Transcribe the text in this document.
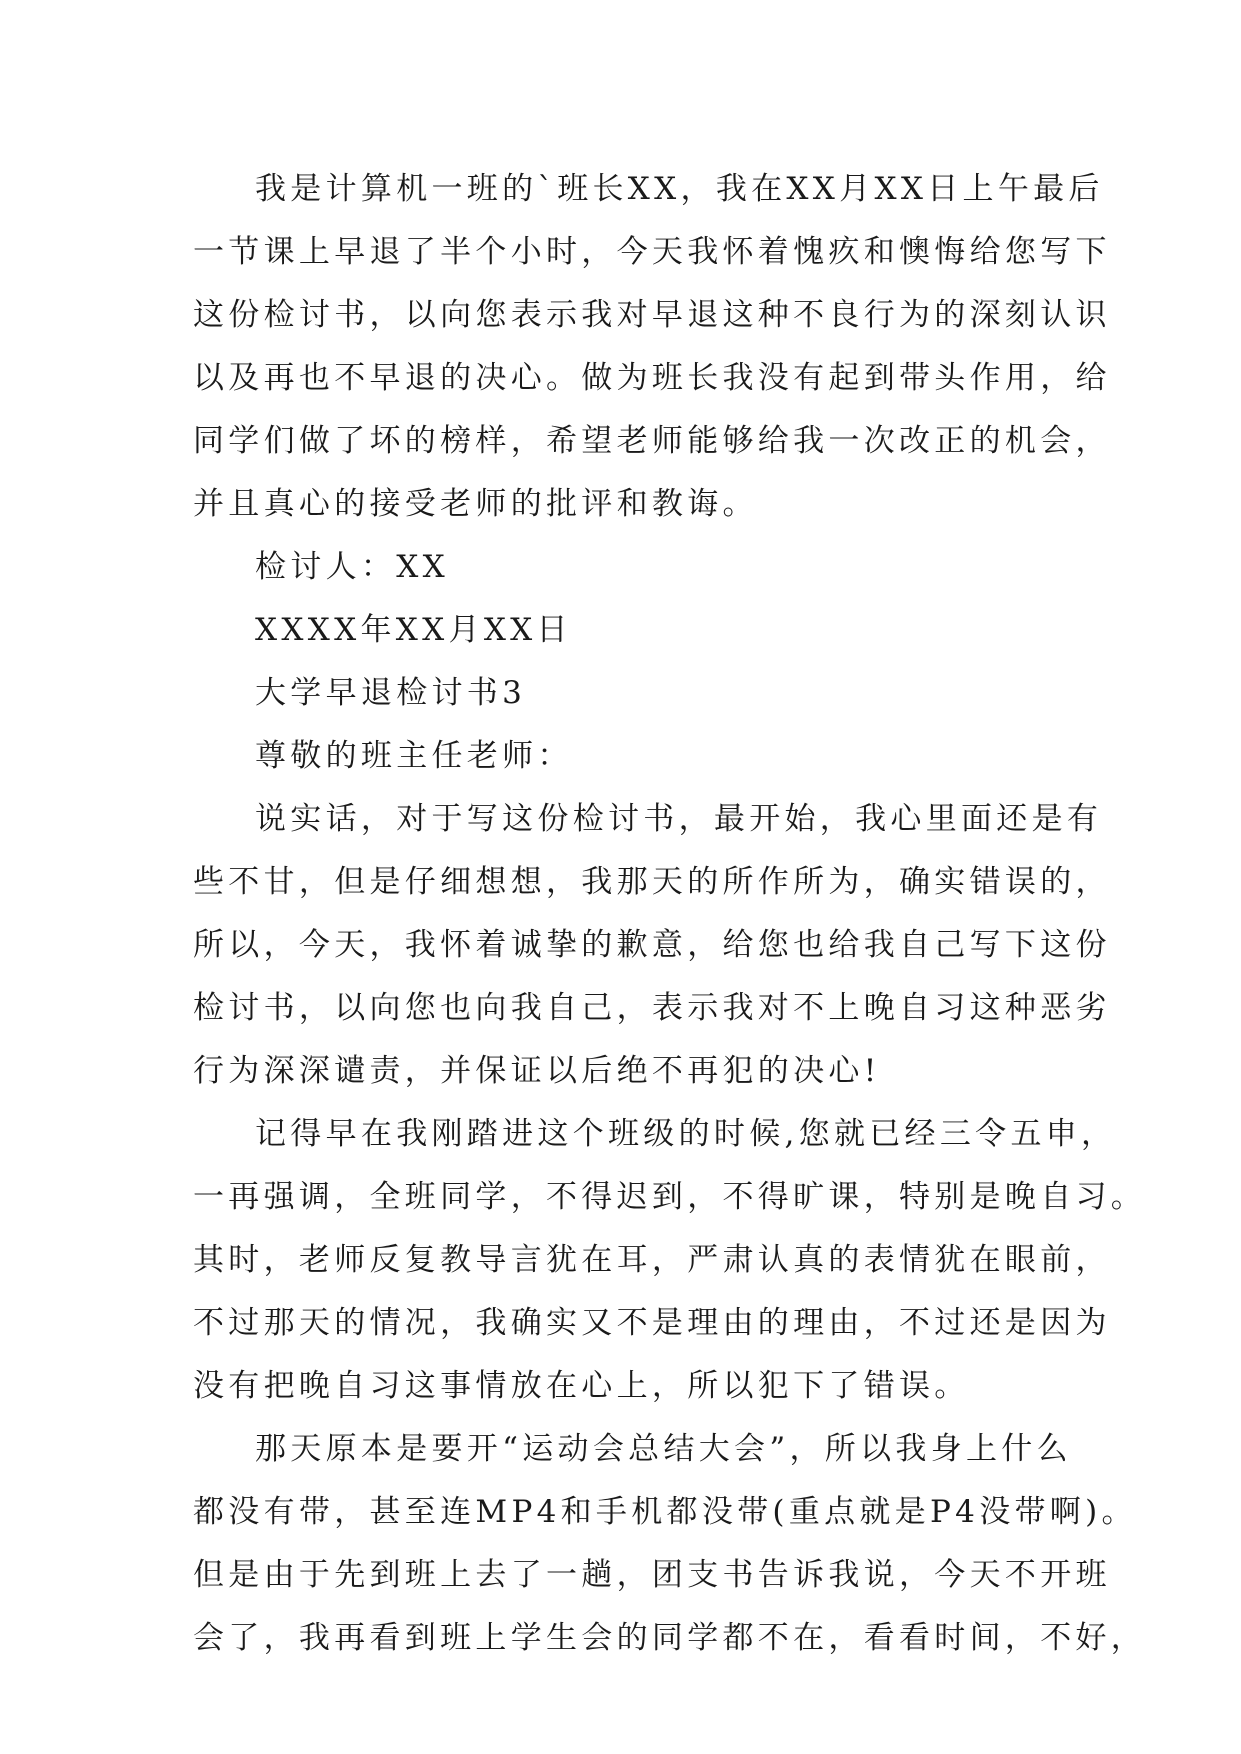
我是计算机一班的`班长XX，我在XX月XX日上午最后
一节课上早退了半个小时，今天我怀着愧疚和懊悔给您写下
这份检讨书，以向您表示我对早退这种不良行为的深刻认识
以及再也不早退的决心。做为班长我没有起到带头作用，给
同学们做了坏的榜样，希望老师能够给我一次改正的机会，
并且真心的接受老师的批评和教诲。
检讨人：XX
XXXX年XX月XX日
大学早退检讨书3
尊敬的班主任老师：
说实话，对于写这份检讨书，最开始，我心里面还是有
些不甘，但是仔细想想，我那天的所作所为，确实错误的，
所以，今天，我怀着诚挚的歉意，给您也给我自己写下这份
检讨书，以向您也向我自己，表示我对不上晚自习这种恶劣
行为深深谴责，并保证以后绝不再犯的决心!
记得早在我刚踏进这个班级的时候,您就已经三令五申，
一再强调，全班同学，不得迟到，不得旷课，特别是晚自习。
其时，老师反复教导言犹在耳，严肃认真的表情犹在眼前，
不过那天的情况，我确实又不是理由的理由，不过还是因为
没有把晚自习这事情放在心上，所以犯下了错误。
那天原本是要开“运动会总结大会”，所以我身上什么
都没有带，甚至连MP4和手机都没带(重点就是P4没带啊)。
但是由于先到班上去了一趟，团支书告诉我说，今天不开班
会了，我再看到班上学生会的同学都不在，看看时间，不好，
